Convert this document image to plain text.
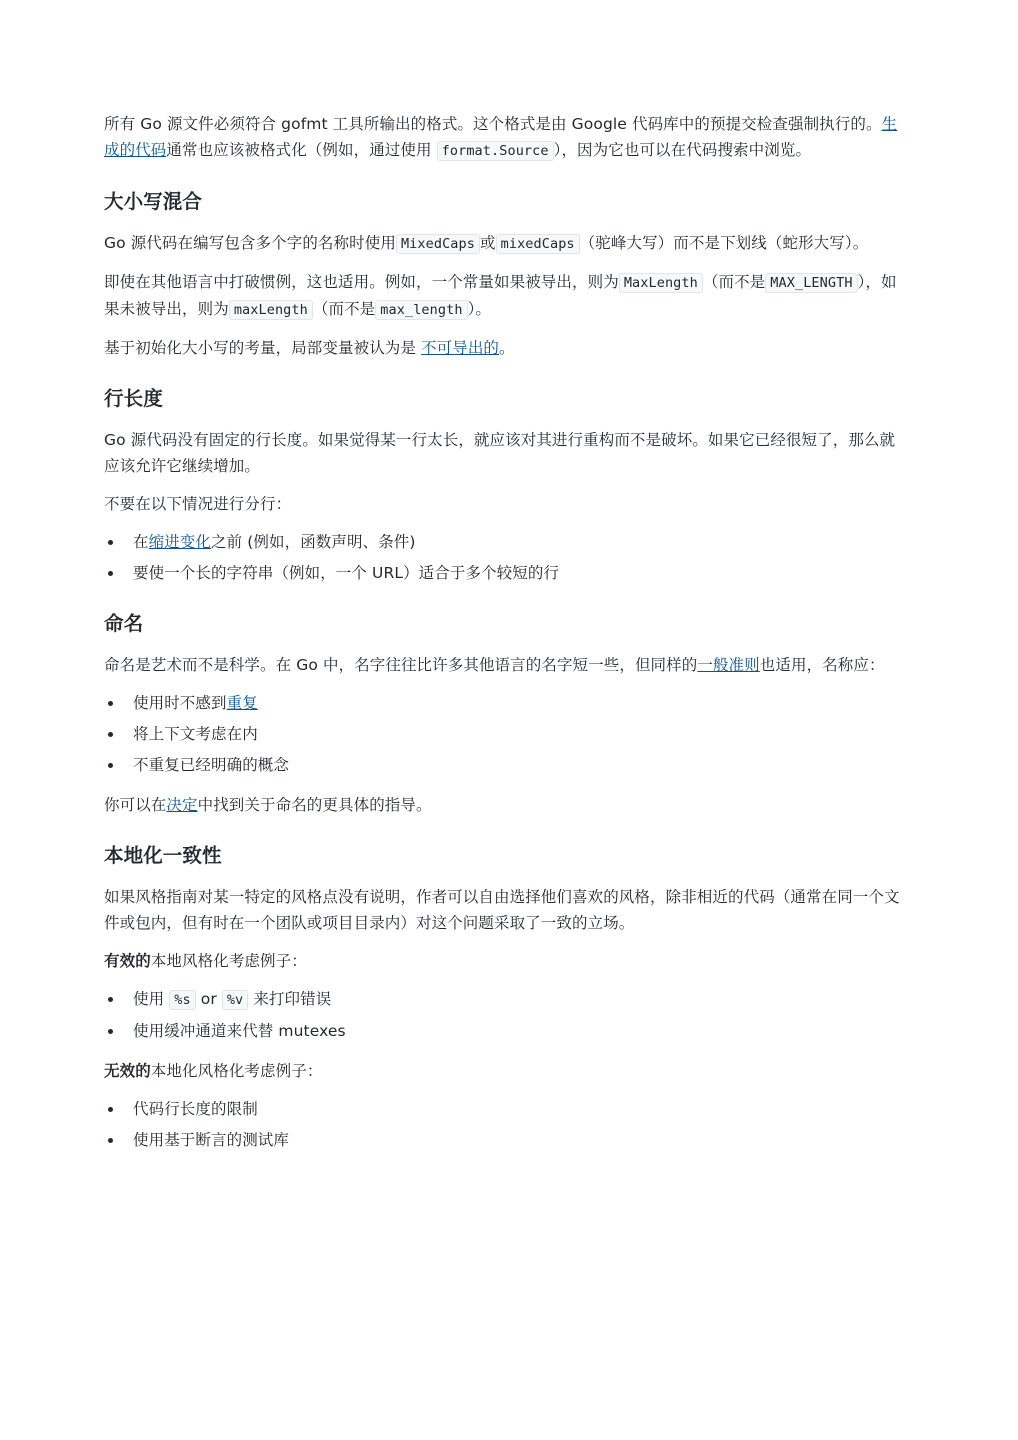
所有 Go 源文件必须符合 gofmt 工具所输出的格式。这个格式是由 Google 代码库中的预提交检查强制执行的。生成的代码通常也应该被格式化（例如，通过使用 format.Source ），因为它也可以在代码搜索中浏览。

大小写混合

Go 源代码在编写包含多个字的名称时使用 MixedCaps 或 mixedCaps （驼峰大写）而不是下划线（蛇形大写）。

即使在其他语言中打破惯例，这也适用。例如，一个常量如果被导出，则为 MaxLength （而不是 MAX_LENGTH ），如果未被导出，则为 maxLength （而不是 max_length ）。

基于初始化大小写的考量，局部变量被认为是 不可导出的。

行长度

Go 源代码没有固定的行长度。如果觉得某一行太长，就应该对其进行重构而不是破坏。如果它已经很短了，那么就应该允许它继续增加。

不要在以下情况进行分行：

在缩进变化之前 (例如，函数声明、条件)
要使一个长的字符串（例如，一个 URL）适合于多个较短的行
命名

命名是艺术而不是科学。在 Go 中，名字往往比许多其他语言的名字短一些，但同样的一般准则也适用，名称应：

使用时不感到重复
将上下文考虑在内
不重复已经明确的概念

你可以在决定中找到关于命名的更具体的指导。

本地化一致性

如果风格指南对某一特定的风格点没有说明，作者可以自由选择他们喜欢的风格，除非相近的代码（通常在同一个文件或包内，但有时在一个团队或项目目录内）对这个问题采取了一致的立场。

有效的本地风格化考虑例子：

使用 %s or %v 来打印错误
使用缓冲通道来代替 mutexes

无效的本地化风格化考虑例子：

代码行长度的限制
使用基于断言的测试库
